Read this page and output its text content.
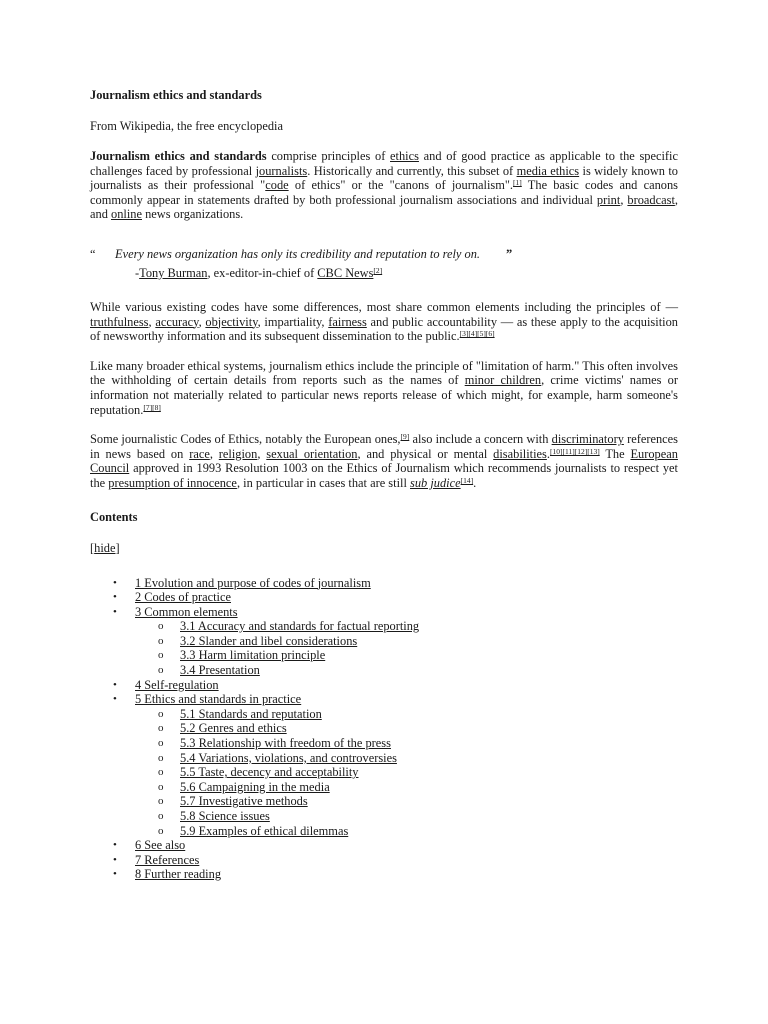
Journalism ethics and standards
From Wikipedia, the free encyclopedia
Journalism ethics and standards comprise principles of ethics and of good practice as applicable to the specific challenges faced by professional journalists. Historically and currently, this subset of media ethics is widely known to journalists as their professional "code of ethics" or the "canons of journalism".[1] The basic codes and canons commonly appear in statements drafted by both professional journalism associations and individual print, broadcast, and online news organizations.
“ Every news organization has only its credibility and reputation to rely on. ”
-Tony Burman, ex-editor-in-chief of CBC News[2]
While various existing codes have some differences, most share common elements including the principles of — truthfulness, accuracy, objectivity, impartiality, fairness and public accountability — as these apply to the acquisition of newsworthy information and its subsequent dissemination to the public.[3][4][5][6]
Like many broader ethical systems, journalism ethics include the principle of "limitation of harm." This often involves the withholding of certain details from reports such as the names of minor children, crime victims' names or information not materially related to particular news reports release of which might, for example, harm someone's reputation.[7][8]
Some journalistic Codes of Ethics, notably the European ones,[9] also include a concern with discriminatory references in news based on race, religion, sexual orientation, and physical or mental disabilities.[10][11][12][13] The European Council approved in 1993 Resolution 1003 on the Ethics of Journalism which recommends journalists to respect yet the presumption of innocence, in particular in cases that are still sub judice[14].
Contents
[hide]
• 1 Evolution and purpose of codes of journalism
• 2 Codes of practice
• 3 Common elements
o 3.1 Accuracy and standards for factual reporting
o 3.2 Slander and libel considerations
o 3.3 Harm limitation principle
o 3.4 Presentation
• 4 Self-regulation
• 5 Ethics and standards in practice
o 5.1 Standards and reputation
o 5.2 Genres and ethics
o 5.3 Relationship with freedom of the press
o 5.4 Variations, violations, and controversies
o 5.5 Taste, decency and acceptability
o 5.6 Campaigning in the media
o 5.7 Investigative methods
o 5.8 Science issues
o 5.9 Examples of ethical dilemmas
• 6 See also
• 7 References
• 8 Further reading
